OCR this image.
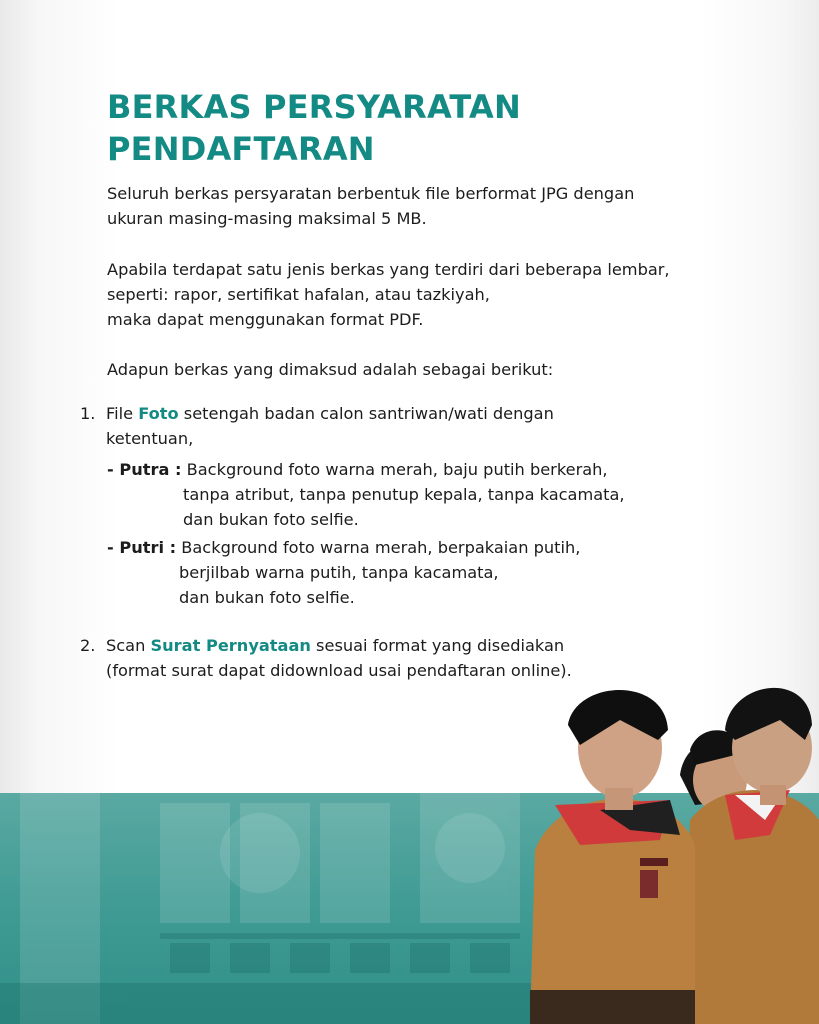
BERKAS PERSYARATAN
PENDAFTARAN

Seluruh berkas persyaratan berbentuk file berformat JPG dengan
ukuran masing-masing maksimal 5 MB.

Apabila terdapat satu jenis berkas yang terdiri dari beberapa lembar,
seperti: rapor, sertifikat hafalan, atau tazkiyah,
maka dapat menggunakan format PDF.

Adapun berkas yang dimaksud adalah sebagai berikut:

1. File Foto setengah badan calon santriwan/wati dengan
ketentuan,
- Putra : Background foto warna merah, baju putih berkerah,
tanpa atribut, tanpa penutup kepala, tanpa kacamata,
dan bukan foto selfie.
- Putri : Background foto warna merah, berpakaian putih,
berjilbab warna putih, tanpa kacamata,
dan bukan foto selfie.
2. Scan Surat Pernyataan sesuai format yang disediakan
(format surat dapat didownload usai pendaftaran online).
